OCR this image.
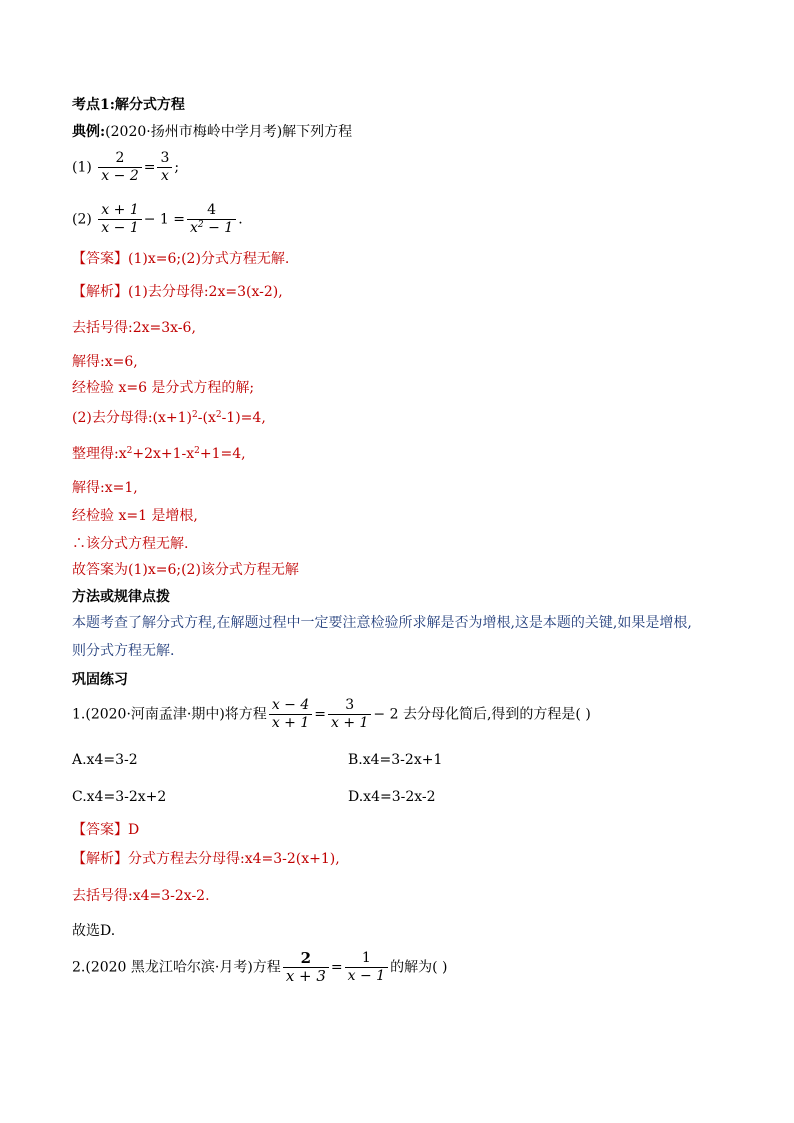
考点1:解分式方程
典例:(2020·扬州市梅岭中学月考)解下列方程
$(1) \frac{2}{x - 2} = \frac{3}{x}$ ;
$(2) \frac{x + 1}{x - 1} - 1 = \frac{4}{x^2 - 1}$ .
【答案】(1)x=6;(2)分式方程无解.
【解析】(1)去分母得:2x=3(x-2),
去括号得:2x=3x-6,
解得:x=6,
经检验 x=6 是分式方程的解;
(2)去分母得$:(x+1)^2-(x^2-1)=4$,
整理得$:x^2+2x+1-x^2+1=4$,
解得:x=1,
经检验 x=1 是增根,
∴该分式方程无解.
故答案为(1)x=6;(2)该分式方程无解
方法或规律点拨
本题考查了解分式方程,在解题过程中一定要注意检验所求解是否为增根,这是本题的关键,如果是增根,
则分式方程无解.
巩固练习
1.(2020·河南孟津·期中)将方程 $\frac{x - 4}{x + 1} = \frac{3}{x + 1} - 2$ 去分母化简后,得到的方程是( )
A.x4=3-2	B.x4=3-2x+1
C.x4=3-2x+2	D.x4=3-2x-2
【答案】D
【解析】分式方程去分母得:x4=3-2(x+1),
去括号得:x4=3-2x-2.
故选D.
2.(2020 黑龙江哈尔滨·月考)方程 $\frac{2}{x + 3} = \frac{1}{x - 1}$ 的解为( )
